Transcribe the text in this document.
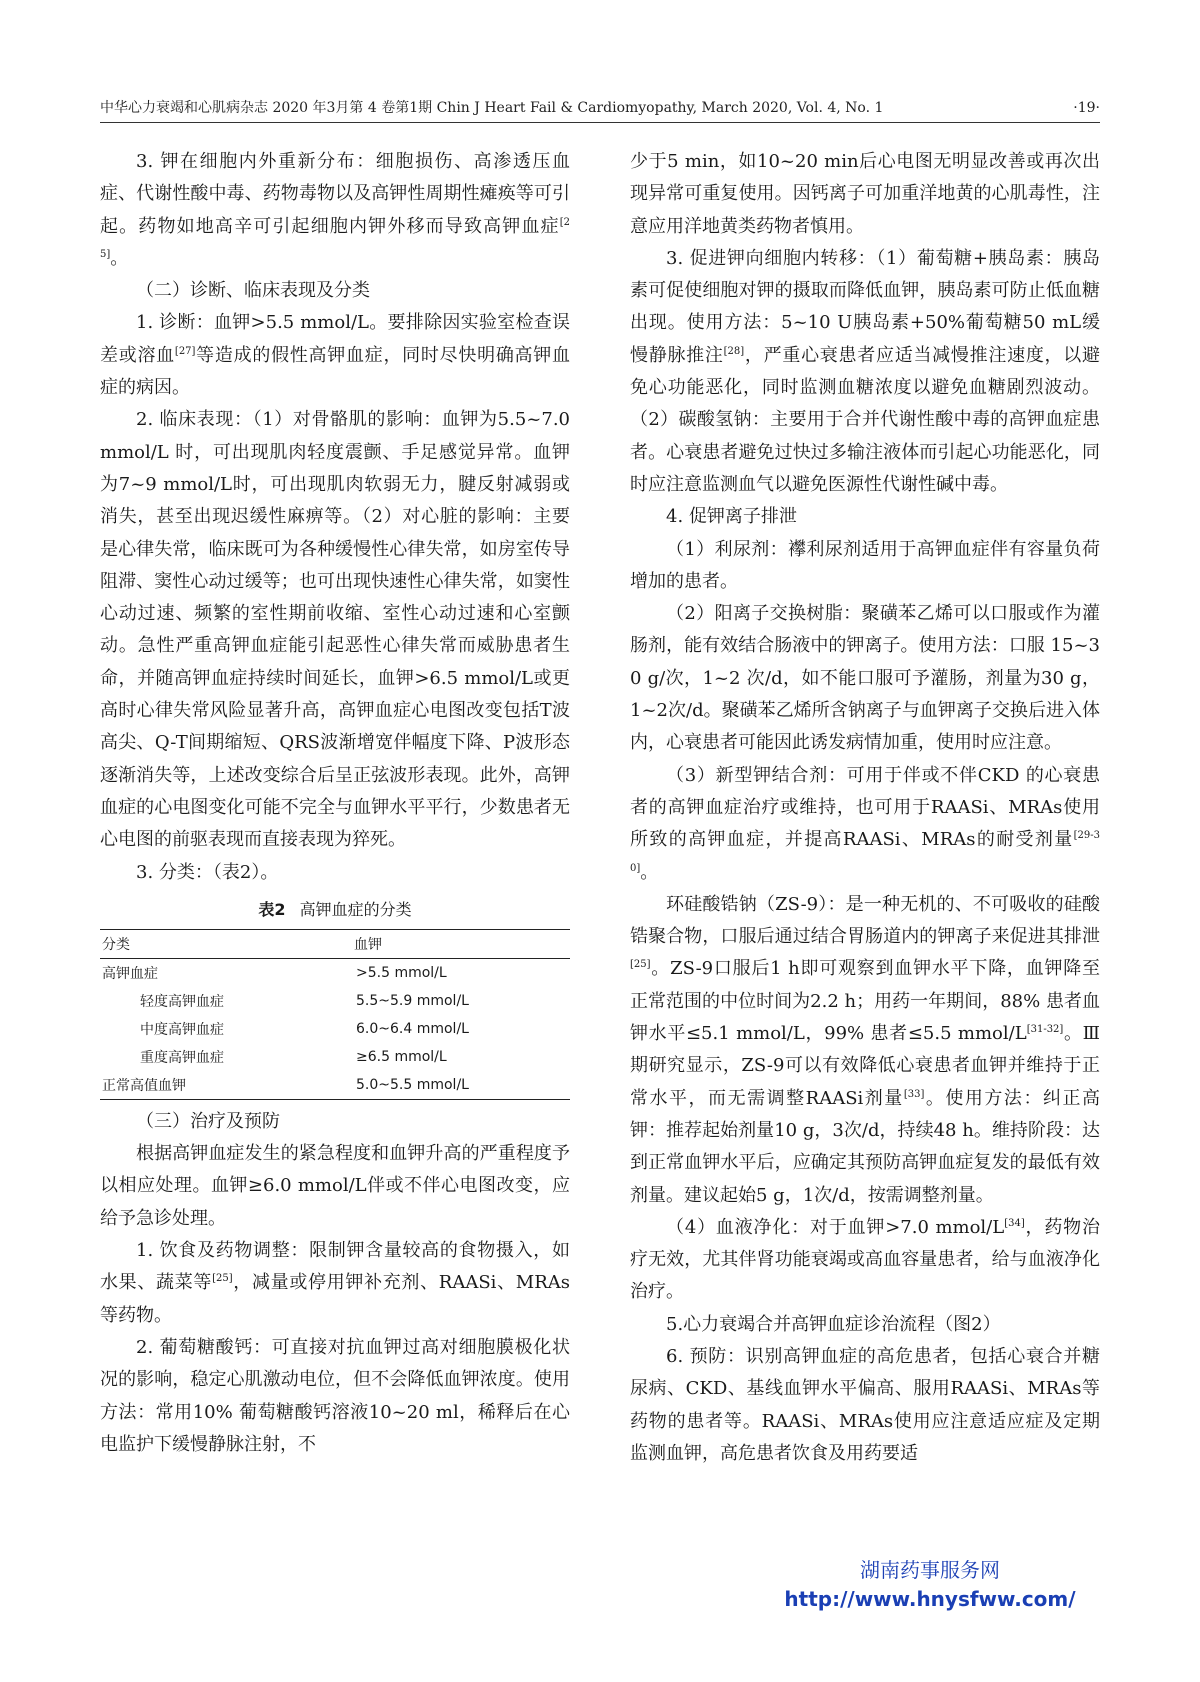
中华心力衰竭和心肌病杂志 2020 年3月第 4 卷第1期 Chin J Heart Fail & Cardiomyopathy, March 2020, Vol. 4, No. 1	·19·

3. 钾在细胞内外重新分布：细胞损伤、高渗透压血症、代谢性酸中毒、药物毒物以及高钾性周期性瘫痪等可引起。药物如地高辛可引起细胞内钾外移而导致高钾血症[25]。

（二）诊断、临床表现及分类

1. 诊断：血钾>5.5 mmol/L。要排除因实验室检查误差或溶血[27]等造成的假性高钾血症，同时尽快明确高钾血症的病因。

2. 临床表现：（1）对骨骼肌的影响：血钾为5.5~7.0 mmol/L 时，可出现肌肉轻度震颤、手足感觉异常。血钾为7~9 mmol/L时，可出现肌肉软弱无力，腱反射减弱或消失，甚至出现迟缓性麻痹等。（2）对心脏的影响：主要是心律失常，临床既可为各种缓慢性心律失常，如房室传导阻滞、窦性心动过缓等；也可出现快速性心律失常，如窦性心动过速、频繁的室性期前收缩、室性心动过速和心室颤动。急性严重高钾血症能引起恶性心律失常而威胁患者生命，并随高钾血症持续时间延长，血钾>6.5 mmol/L或更高时心律失常风险显著升高，高钾血症心电图改变包括T波高尖、Q-T间期缩短、QRS波渐增宽伴幅度下降、P波形态逐渐消失等，上述改变综合后呈正弦波形表现。此外，高钾血症的心电图变化可能不完全与血钾水平平行，少数患者无心电图的前驱表现而直接表现为猝死。

3. 分类：（表2）。

表2 高钾血症的分类
分类	血钾
高钾血症	>5.5 mmol/L
轻度高钾血症	5.5~5.9 mmol/L
中度高钾血症	6.0~6.4 mmol/L
重度高钾血症	≥6.5 mmol/L
正常高值血钾	5.0~5.5 mmol/L

（三）治疗及预防

根据高钾血症发生的紧急程度和血钾升高的严重程度予以相应处理。血钾≥6.0 mmol/L伴或不伴心电图改变，应给予急诊处理。

1. 饮食及药物调整：限制钾含量较高的食物摄入，如水果、蔬菜等[25]，减量或停用钾补充剂、RAASi、MRAs等药物。

2. 葡萄糖酸钙：可直接对抗血钾过高对细胞膜极化状况的影响，稳定心肌激动电位，但不会降低血钾浓度。使用方法：常用10% 葡萄糖酸钙溶液10~20 ml，稀释后在心电监护下缓慢静脉注射，不

少于5 min，如10~20 min后心电图无明显改善或再次出现异常可重复使用。因钙离子可加重洋地黄的心肌毒性，注意应用洋地黄类药物者慎用。

3. 促进钾向细胞内转移：（1）葡萄糖+胰岛素：胰岛素可促使细胞对钾的摄取而降低血钾，胰岛素可防止低血糖出现。使用方法：5~10 U胰岛素+50%葡萄糖50 mL缓慢静脉推注[28]，严重心衰患者应适当减慢推注速度，以避免心功能恶化，同时监测血糖浓度以避免血糖剧烈波动。（2）碳酸氢钠：主要用于合并代谢性酸中毒的高钾血症患者。心衰患者避免过快过多输注液体而引起心功能恶化，同时应注意监测血气以避免医源性代谢性碱中毒。

4. 促钾离子排泄

（1）利尿剂：襻利尿剂适用于高钾血症伴有容量负荷增加的患者。

（2）阳离子交换树脂：聚磺苯乙烯可以口服或作为灌肠剂，能有效结合肠液中的钾离子。使用方法：口服 15~30 g/次，1~2 次/d，如不能口服可予灌肠，剂量为30 g，1~2次/d。聚磺苯乙烯所含钠离子与血钾离子交换后进入体内，心衰患者可能因此诱发病情加重，使用时应注意。

（3）新型钾结合剂：可用于伴或不伴CKD 的心衰患者的高钾血症治疗或维持，也可用于RAASi、MRAs使用所致的高钾血症，并提高RAASi、MRAs的耐受剂量[29-30]。

环硅酸锆钠（ZS-9）：是一种无机的、不可吸收的硅酸锆聚合物，口服后通过结合胃肠道内的钾离子来促进其排泄[25]。ZS-9口服后1 h即可观察到血钾水平下降，血钾降至正常范围的中位时间为2.2 h；用药一年期间，88% 患者血钾水平≤5.1 mmol/L，99% 患者≤5.5 mmol/L[31-32]。Ⅲ期研究显示，ZS-9可以有效降低心衰患者血钾并维持于正常水平，而无需调整RAASi剂量[33]。使用方法：纠正高钾：推荐起始剂量10 g，3次/d，持续48 h。维持阶段：达到正常血钾水平后，应确定其预防高钾血症复发的最低有效剂量。建议起始5 g，1次/d，按需调整剂量。

（4）血液净化：对于血钾>7.0 mmol/L[34]，药物治疗无效，尤其伴肾功能衰竭或高血容量患者，给与血液净化治疗。

5.心力衰竭合并高钾血症诊治流程（图2）

6. 预防：识别高钾血症的高危患者，包括心衰合并糖尿病、CKD、基线血钾水平偏高、服用RAASi、MRAs等药物的患者等。RAASi、MRAs使用应注意适应症及定期监测血钾，高危患者饮食及用药要适

湖南药事服务网
http://www.hnysfww.com/
